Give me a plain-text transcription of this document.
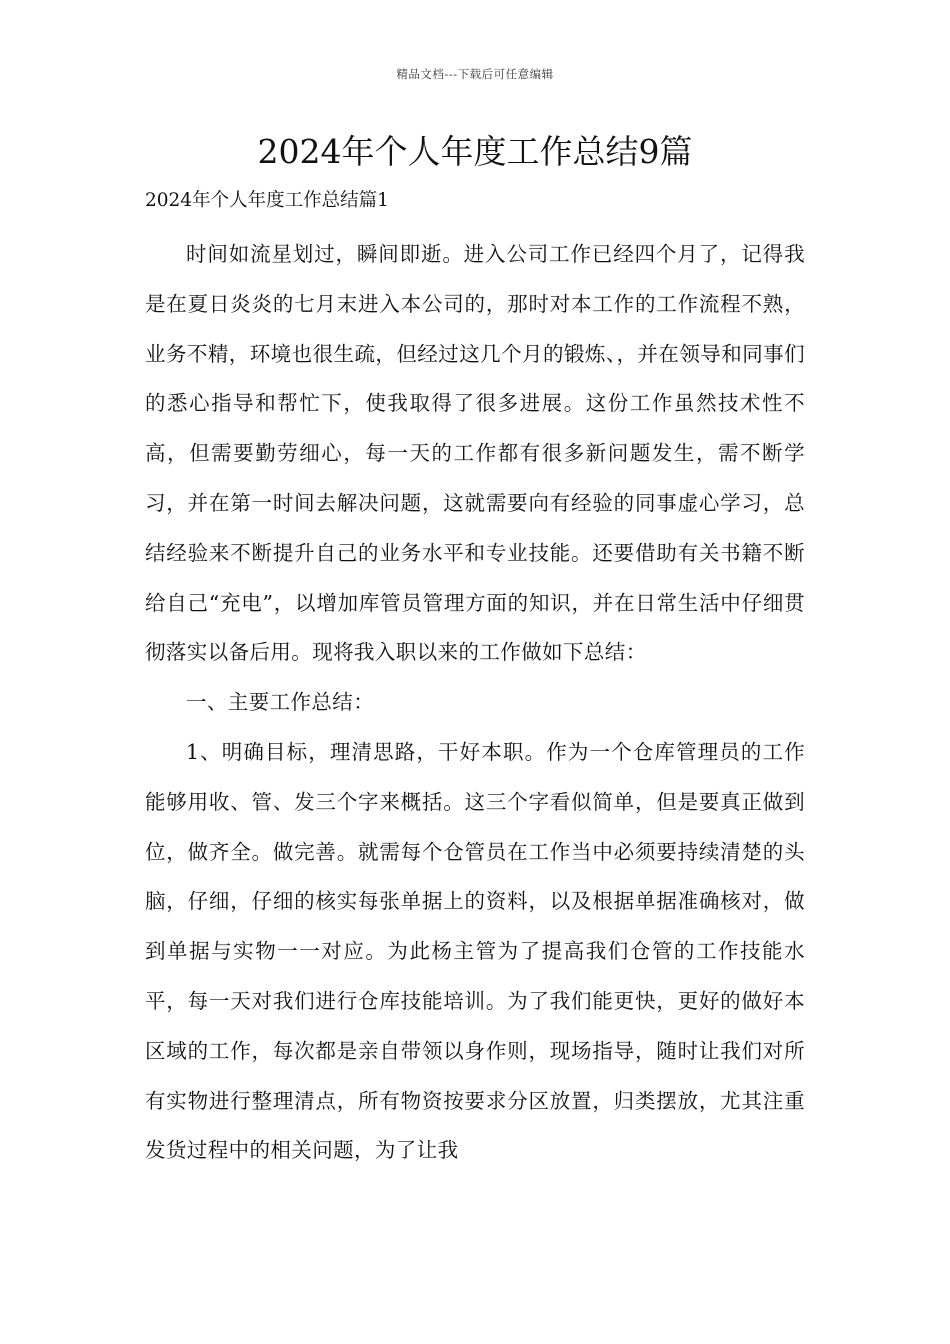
精品文档---下载后可任意编辑
2024年个人年度工作总结9篇
2024年个人年度工作总结篇1

时间如流星划过，瞬间即逝。进入公司工作已经四个月了，记得我是在夏日炎炎的七月末进入本公司的，那时对本工作的工作流程不熟，业务不精，环境也很生疏，但经过这几个月的锻炼、，并在领导和同事们的悉心指导和帮忙下，使我取得了很多进展。这份工作虽然技术性不高，但需要勤劳细心，每一天的工作都有很多新问题发生，需不断学习，并在第一时间去解决问题，这就需要向有经验的同事虚心学习，总结经验来不断提升自己的业务水平和专业技能。还要借助有关书籍不断给自己“充电”，以增加库管员管理方面的知识，并在日常生活中仔细贯彻落实以备后用。现将我入职以来的工作做如下总结：

一、主要工作总结：

1、明确目标，理清思路，干好本职。作为一个仓库管理员的工作能够用收、管、发三个字来概括。这三个字看似简单，但是要真正做到位，做齐全。做完善。就需每个仓管员在工作当中必须要持续清楚的头脑，仔细，仔细的核实每张单据上的资料，以及根据单据准确核对，做到单据与实物一一对应。为此杨主管为了提高我们仓管的工作技能水平，每一天对我们进行仓库技能培训。为了我们能更快，更好的做好本区域的工作，每次都是亲自带领以身作则，现场指导，随时让我们对所有实物进行整理清点，所有物资按要求分区放置，归类摆放，尤其注重发货过程中的相关问题，为了让我
